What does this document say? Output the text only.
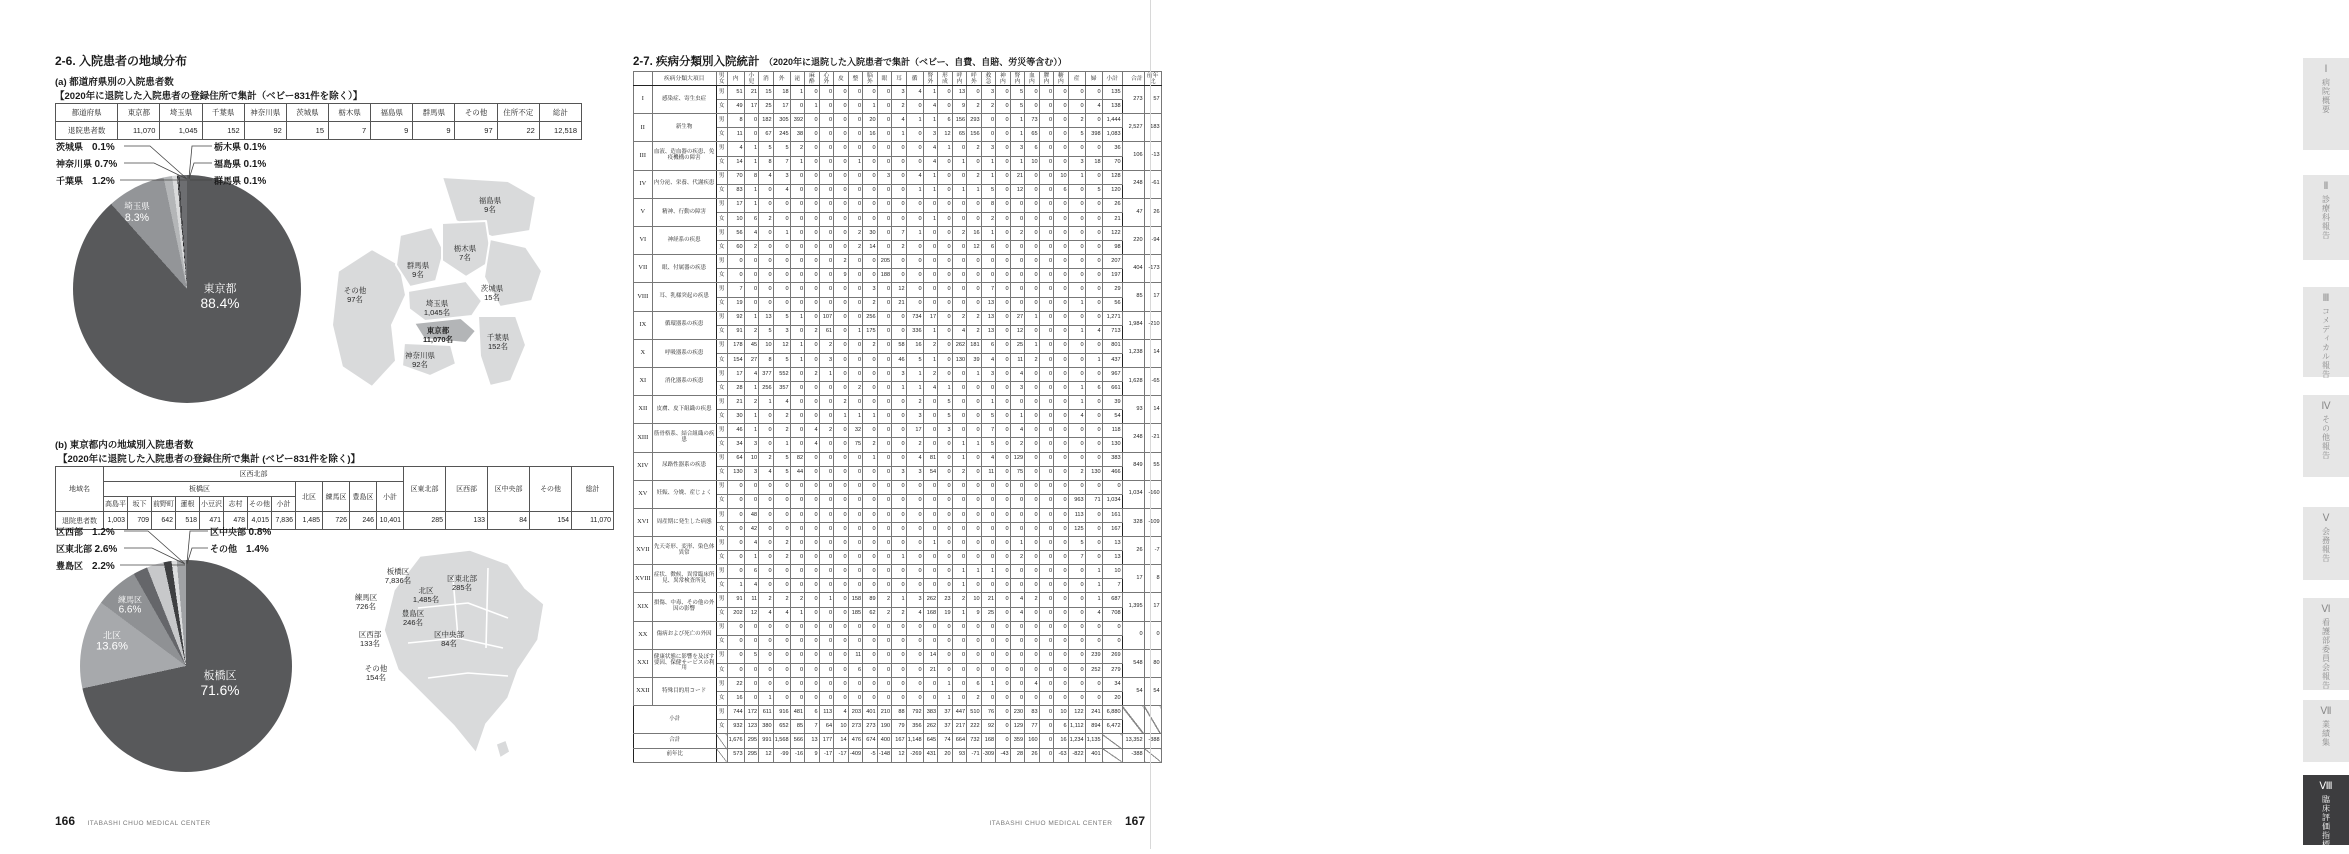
2-6. 入院患者の地域分布
(a) 都道府県別の入院患者数
【2020年に退院した入院患者の登録住所で集計（ベビー831件を除く）】
都道府県	東京都	埼玉県	千葉県	神奈川県	茨城県	栃木県	福島県	群馬県	その他	住所不定	総計
退院患者数	11,070	1,045	152	92	15	7	9	9	97	22	12,518
東京都
88.4%
埼玉県
8.3%
茨城県　 0.1%
神奈川県 0.7%
千葉県　 1.2%
栃木県 0.1%
福島県 0.1%
群馬県 0.1%
福島県
9名
栃木県
7名
群馬県
9名
茨城県
15名
その他
97名	埼玉県
1,045名
東京都
11,070名	千葉県
152名
神奈川県
92名
(b) 東京都内の地域別入院患者数
【2020年に退院した入院患者の登録住所で集計 (ベビー831件を除く)】
地域名	区西北部												区東北部	区西部	区中央部	その他	総計
	板橋区								北区	練馬区	豊島区	小計					
	高島平	坂下	前野町	蓮根	小豆沢	志村	その他	小計									
退院患者数	1,003	709	642	518	471	478	4,015	7,836	1,485	726	246	10,401	285	133	84	154	11,070
板橋区
71.6%
北区
13.6%
練馬区
6.6%
区西部　 1.2%
区東北部 2.6%
豊島区　 2.2%
区中央部 0.8%
その他　 1.4%
板橋区
7,836名	区東北部
285名
北区
1,485名
練馬区
726名
豊島区
246名
区西部
133名
区中央部
84名
その他
154名
2-7. 疾病分類別入院統計 （2020年に退院した入院患者で集計（ベビー、自費、自賠、労災等含む））
	疾病分類大項目	男女	内	小児	消	外	泌	麻酔	心外	皮	整	脳外	眼	耳	循	腎外	形成	呼内	呼外	救急	神内	腎内	血内	膠内	糖内	産	婦	小計	合計	前年比
I	感染症、寄生虫症	男	51	21	15	18	1	0	0	0	0	0	0	3	4	1	0	13	0	3	0	5	0	0	0	0	0	135	273	57
		女	49	17	25	17	0	1	0	0	0	1	0	2	0	4	0	9	2	2	0	5	0	0	0	0	4	138		
II	新生物	男	8	0	182	305	392	0	0	0	0	20	0	4	1	1	6	156	293	0	0	1	73	0	0	2	0	1,444	2,527	183
		女	11	0	67	245	38	0	0	0	0	16	0	1	0	3	12	65	156	0	0	1	65	0	0	5	398	1,083		
III	血液、造血器の疾患、免疫機構の障害	男	4	1	5	5	2	0	0	0	0	0	0	0	0	4	1	0	2	3	0	3	6	0	0	0	0	36	106	-13
		女	14	1	8	7	1	0	0	0	1	0	0	0	0	4	0	1	0	1	0	1	10	0	0	3	18	70		
IV	内分泌、栄養、代謝疾患	男	70	8	4	3	0	0	0	0	0	0	3	0	4	1	0	0	2	1	0	21	0	0	10	1	0	128	248	-61
		女	83	1	0	4	0	0	0	0	0	0	0	0	1	1	0	1	1	5	0	12	0	0	6	0	5	120		
V	精神、行動の障害	男	17	1	0	0	0	0	0	0	0	0	0	0	0	0	0	0	0	8	0	0	0	0	0	0	0	26	47	26
		女	10	6	2	0	0	0	0	0	0	0	0	0	0	1	0	0	0	2	0	0	0	0	0	0	0	21		
VI	神経系の疾患	男	56	4	0	1	0	0	0	0	2	30	0	7	1	0	0	2	16	1	0	2	0	0	0	0	0	122	220	-94
		女	60	2	0	0	0	0	0	0	2	14	0	2	0	0	0	0	12	6	0	0	0	0	0	0	0	98		
VII	眼、付属器の疾患	男	0	0	0	0	0	0	0	2	0	0	205	0	0	0	0	0	0	0	0	0	0	0	0	0	0	207	404	-173
		女	0	0	0	0	0	0	0	9	0	0	188	0	0	0	0	0	0	0	0	0	0	0	0	0	0	197		
VIII	耳、乳様突起の疾患	男	7	0	0	0	0	0	0	0	0	3	0	12	0	0	0	0	0	7	0	0	0	0	0	0	0	29	85	17
		女	19	0	0	0	0	0	0	0	0	2	0	21	0	0	0	0	0	13	0	0	0	0	0	1	0	56		
IX	循環器系の疾患	男	92	1	13	5	1	0	107	0	0	256	0	0	734	17	0	2	2	13	0	27	1	0	0	0	0	1,271	1,984	-210
		女	91	2	5	3	0	2	61	0	1	175	0	0	336	1	0	4	2	13	0	12	0	0	0	1	4	713		
X	呼吸器系の疾患	男	178	45	10	12	1	0	2	0	0	2	0	58	16	2	0	262	181	6	0	25	1	0	0	0	0	801	1,238	14
		女	154	27	8	5	1	0	3	0	0	0	0	46	5	1	0	130	39	4	0	11	2	0	0	0	1	437		
XI	消化器系の疾患	男	17	4	377	552	0	2	1	0	0	0	0	3	1	2	0	0	1	3	0	4	0	0	0	0	0	967	1,628	-65
		女	28	1	256	357	0	0	0	0	2	0	0	1	1	4	1	0	0	0	0	3	0	0	0	1	6	661		
XII	皮膚、皮下組織の疾患	男	21	2	1	4	0	0	0	2	0	0	0	0	2	0	5	0	0	1	0	0	0	0	0	1	0	39	93	14
		女	30	1	0	2	0	0	0	1	1	1	0	0	3	0	5	0	0	5	0	1	0	0	0	4	0	54		
XIII	筋骨格系、結合組織の疾患	男	46	1	0	2	0	4	2	0	32	0	0	0	17	0	3	0	0	7	0	4	0	0	0	0	0	118	248	-21
		女	34	3	0	1	0	4	0	0	75	2	0	0	2	0	0	1	1	5	0	2	0	0	0	0	0	130		
XIV	尿路性器系の疾患	男	64	10	2	5	82	0	0	0	0	1	0	0	4	81	0	1	0	4	0	129	0	0	0	0	0	383	849	55
		女	130	3	4	5	44	0	0	0	0	0	0	3	3	54	0	2	0	11	0	75	0	0	0	2	130	466		
XV	妊娠、分娩、産じょく	男	0	0	0	0	0	0	0	0	0	0	0	0	0	0	0	0	0	0	0	0	0	0	0	0	0	0	1,034	-160
		女	0	0	0	0	0	0	0	0	0	0	0	0	0	0	0	0	0	0	0	0	0	0	0	963	71	1,034		
XVI	周産期に発生した病態	男	0	48	0	0	0	0	0	0	0	0	0	0	0	0	0	0	0	0	0	0	0	0	0	113	0	161	328	-109
		女	0	42	0	0	0	0	0	0	0	0	0	0	0	0	0	0	0	0	0	0	0	0	0	125	0	167		
XVII	先天奇形、変形、染色体異常	男	0	4	0	2	0	0	0	0	0	0	0	0	0	1	0	0	0	0	0	1	0	0	0	5	0	13	26	-7
		女	0	1	0	2	0	0	0	0	0	0	0	1	0	0	0	0	0	0	0	2	0	0	0	7	0	13		
XVIII	症状、徴候、異常臨床所見、異常検査所見	男	0	6	0	0	0	0	0	0	0	0	0	0	0	0	0	1	1	1	0	0	0	0	0	0	1	10	17	8
		女	1	4	0	0	0	0	0	0	0	0	0	0	0	0	0	1	0	0	0	0	0	0	0	0	1	7		
XIX	損傷、中毒、その他の外因の影響	男	91	11	2	2	2	0	1	0	158	89	2	1	3	262	23	2	10	21	0	4	2	0	0	0	1	687	1,395	17
		女	202	12	4	4	1	0	0	0	185	62	2	2	4	168	19	1	9	25	0	4	0	0	0	0	4	708		
XX	傷病および死亡の外因	男	0	0	0	0	0	0	0	0	0	0	0	0	0	0	0	0	0	0	0	0	0	0	0	0	0	0	0	0
		女	0	0	0	0	0	0	0	0	0	0	0	0	0	0	0	0	0	0	0	0	0	0	0	0	0	0		
XXI	健康状態に影響を及ぼす要因、保健サービスの利用	男	0	5	0	0	0	0	0	0	11	0	0	0	0	14	0	0	0	0	0	0	0	0	0	0	239	269	548	80
		女	0	0	0	0	0	0	0	0	6	0	0	0	0	21	0	0	0	0	0	0	0	0	0	0	252	279		
XXII	特殊目的用コード	男	22	0	0	0	0	0	0	0	0	0	0	0	0	0	1	0	6	1	0	0	4	0	0	0	0	34	54	54
		女	16	0	1	0	0	0	0	0	0	0	0	0	0	0	1	0	2	0	0	0	0	0	0	0	0	20		
小計		男	744	172	611	916	481	6	113	4	203	401	210	88	792	383	37	447	510	76	0	230	83	0	10	122	241	6,880		
		女	932	123	380	652	85	7	64	10	273	273	190	79	356	262	37	217	222	92	0	129	77	0	6	1,112	894	6,472		
合計			1,676	295	991	1,568	566	13	177	14	476	674	400	167	1,148	645	74	664	732	168	0	359	160	0	16	1,234	1,135		13,352	-388
前年比			573	295	12	-99	-16	9	-17	-17	-409	-5	-148	12	-269	431	20	93	-71	-309	-43	28	26	0	-63	-822	401		-388	
Ⅰ
病院概要
Ⅱ
診療科報告
Ⅲ
コメディカル報告
Ⅳ
その他報告
Ⅴ
会務報告
Ⅵ
看護部委員会報告
Ⅶ
業績集
Ⅷ
臨床評価指標
166 ITABASHI CHUO MEDICAL CENTER	ITABASHI CHUO MEDICAL CENTER 167
